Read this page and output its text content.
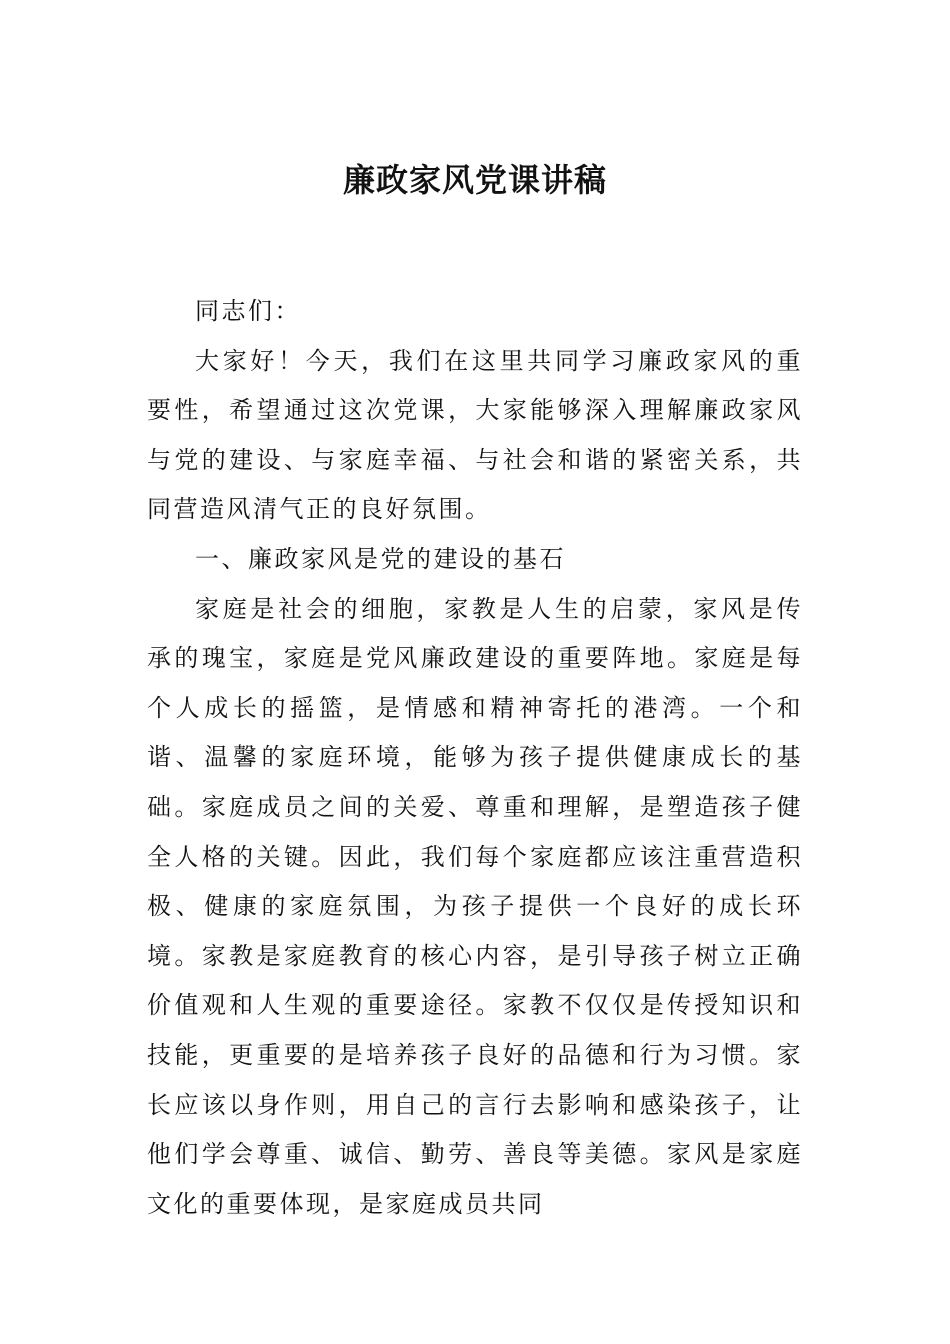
廉政家风党课讲稿

同志们：

大家好！今天，我们在这里共同学习廉政家风的重要性，希望通过这次党课，大家能够深入理解廉政家风与党的建设、与家庭幸福、与社会和谐的紧密关系，共同营造风清气正的良好氛围。

一、廉政家风是党的建设的基石

家庭是社会的细胞，家教是人生的启蒙，家风是传承的瑰宝，家庭是党风廉政建设的重要阵地。家庭是每个人成长的摇篮，是情感和精神寄托的港湾。一个和谐、温馨的家庭环境，能够为孩子提供健康成长的基础。家庭成员之间的关爱、尊重和理解，是塑造孩子健全人格的关键。因此，我们每个家庭都应该注重营造积极、健康的家庭氛围，为孩子提供一个良好的成长环境。家教是家庭教育的核心内容，是引导孩子树立正确价值观和人生观的重要途径。家教不仅仅是传授知识和技能，更重要的是培养孩子良好的品德和行为习惯。家长应该以身作则，用自己的言行去影响和感染孩子，让他们学会尊重、诚信、勤劳、善良等美德。家风是家庭文化的重要体现，是家庭成员共同
